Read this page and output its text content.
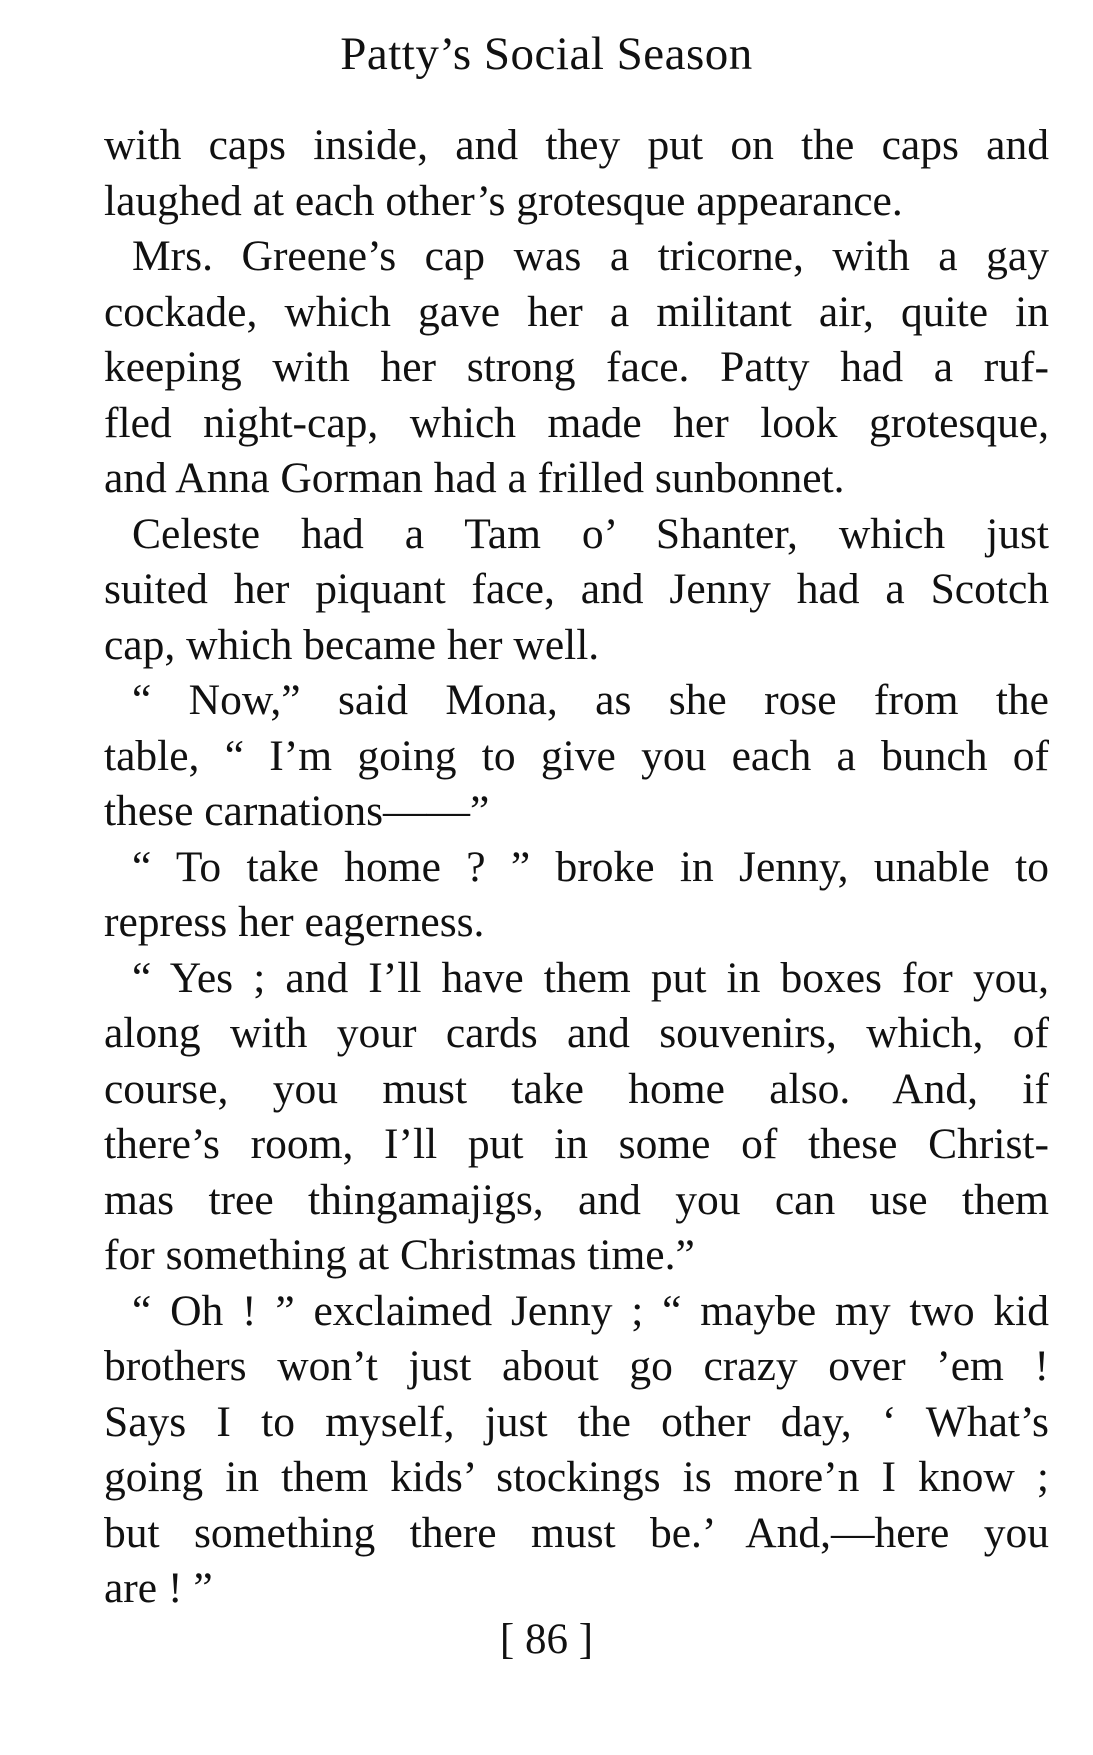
Patty’s Social Season
with caps inside, and they put on the caps and
laughed at each other’s grotesque appearance.
Mrs. Greene’s cap was a tricorne, with a gay
cockade, which gave her a militant air, quite in
keeping with her strong face. Patty had a ruf-
fled night-cap, which made her look grotesque,
and Anna Gorman had a frilled sunbonnet.
Celeste had a Tam o’ Shanter, which just
suited her piquant face, and Jenny had a Scotch
cap, which became her well.
“ Now,” said Mona, as she rose from the
table, “ I’m going to give you each a bunch of
these carnations——”
“ To take home ? ” broke in Jenny, unable to
repress her eagerness.
“ Yes ; and I’ll have them put in boxes for you,
along with your cards and souvenirs, which, of
course, you must take home also. And, if
there’s room, I’ll put in some of these Christ-
mas tree thingamajigs, and you can use them
for something at Christmas time.”
“ Oh ! ” exclaimed Jenny ; “ maybe my two kid
brothers won’t just about go crazy over ’em !
Says I to myself, just the other day, ‘ What’s
going in them kids’ stockings is more’n I know ;
but something there must be.’ And,—here you
are ! ”
[ 86 ]
